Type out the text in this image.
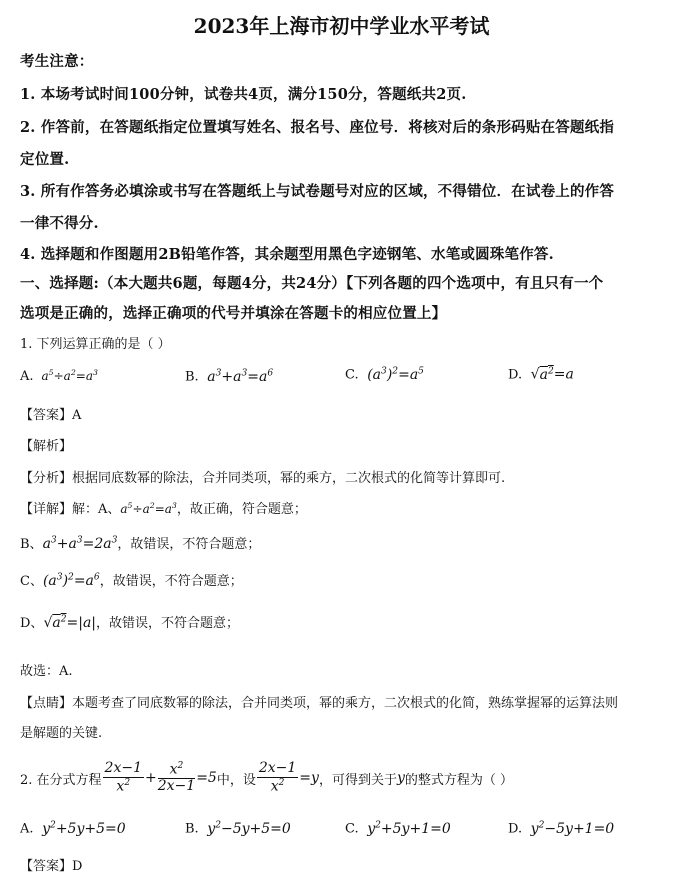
2023年上海市初中学业水平考试
考生注意：
1. 本场考试时间100分钟，试卷共4页，满分150分，答题纸共2页.
2. 作答前，在答题纸指定位置填写姓名、报名号、座位号．将核对后的条形码贴在答题纸指
定位置.
3. 所有作答务必填涂或书写在答题纸上与试卷题号对应的区域，不得错位．在试卷上的作答
一律不得分.
4. 选择题和作图题用2B铅笔作答，其余题型用黑色字迹钢笔、水笔或圆珠笔作答.
一、选择题:（本大题共6题，每题4分，共24分）【下列各题的四个选项中，有且只有一个
选项是正确的，选择正确项的代号并填涂在答题卡的相应位置上】
1. 下列运算正确的是（ ）
A.  $a^5\div a^2=a^3$	B.  $a^3+a^3=a^6$	C.  $(a^3)^2=a^5$	D.  $√a^2=a$
【答案】A
【解析】
【分析】根据同底数幂的除法，合并同类项，幂的乘方，二次根式的化简等计算即可.
【详解】解：A、$a^5\div a^2=a^3$，故正确，符合题意；
B、$a^3+a^3=2a^3$，故错误，不符合题意；
C、$(a^3)^2=a^6$，故错误，不符合题意；
D、$√a^2=|a|$，故错误，不符合题意；
故选：A.
【点睛】本题考查了同底数幂的除法，合并同类项，幂的乘方，二次根式的化简，熟练掌握幂的运算法则
是解题的关键.
2. 在分式方程 $\frac{2x-1}{x^2} + \frac{x^2}{2x-1} =5$ 中，设 $\frac{2x-1}{x^2} =y$ ，可得到关于 y 的整式方程为（ ）
A.  $y^2+5y+5=0$	B.  $y^2-5y+5=0$	C.  $y^2+5y+1=0$	D.  $y^2-5y+1=0$
【答案】D
